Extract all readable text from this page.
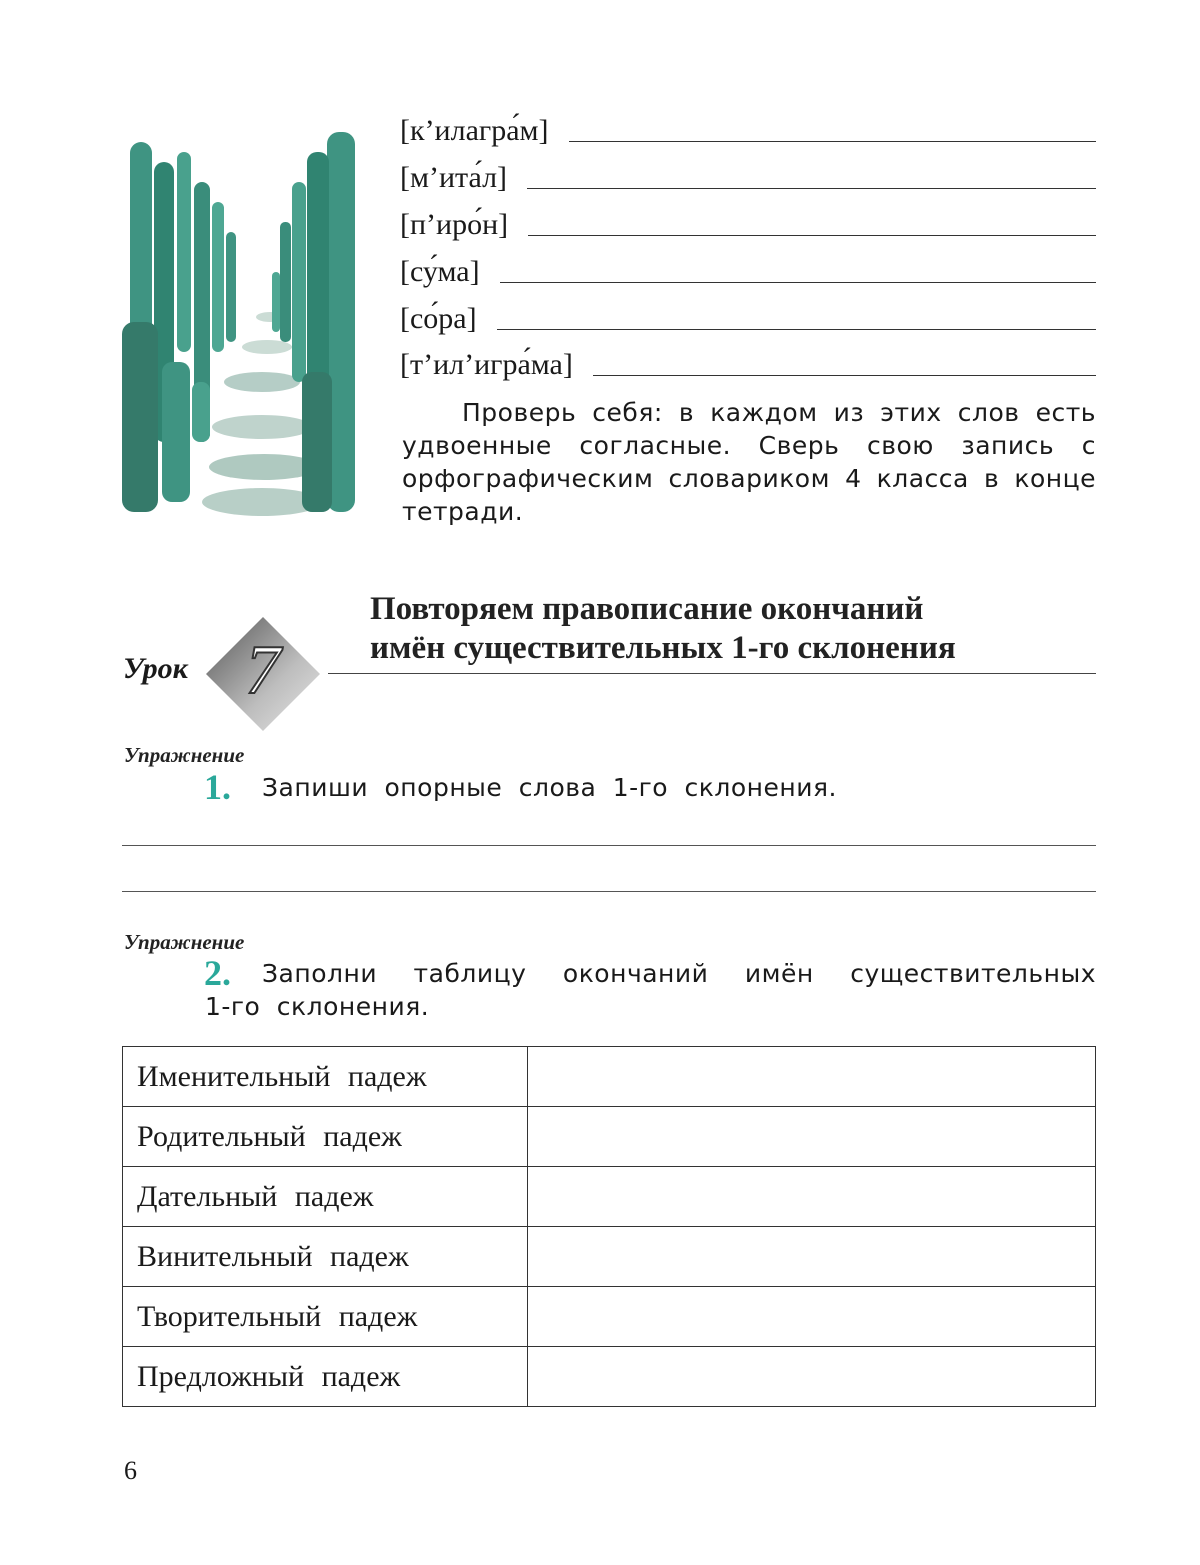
[к’илагра́м]
[м’ита́л]
[п’иро́н]
[су́ма]
[со́ра]
[т’ил’игра́ма]
Проверь себя: в каждом из этих слов есть удвоенные согласные. Сверь свою запись с орфографическим словариком 4 класса в конце тетради.
Урок 7
Повторяем правописание окончаний
имён существительных 1-го склонения
Упражнение
1. Запиши опорные слова 1-го склонения.
Упражнение
2. Заполни таблицу окончаний имён существительных
1-го склонения.
Именительный падеж	
Родительный падеж	
Дательный падеж	
Винительный падеж	
Творительный падеж	
Предложный падеж	
6
